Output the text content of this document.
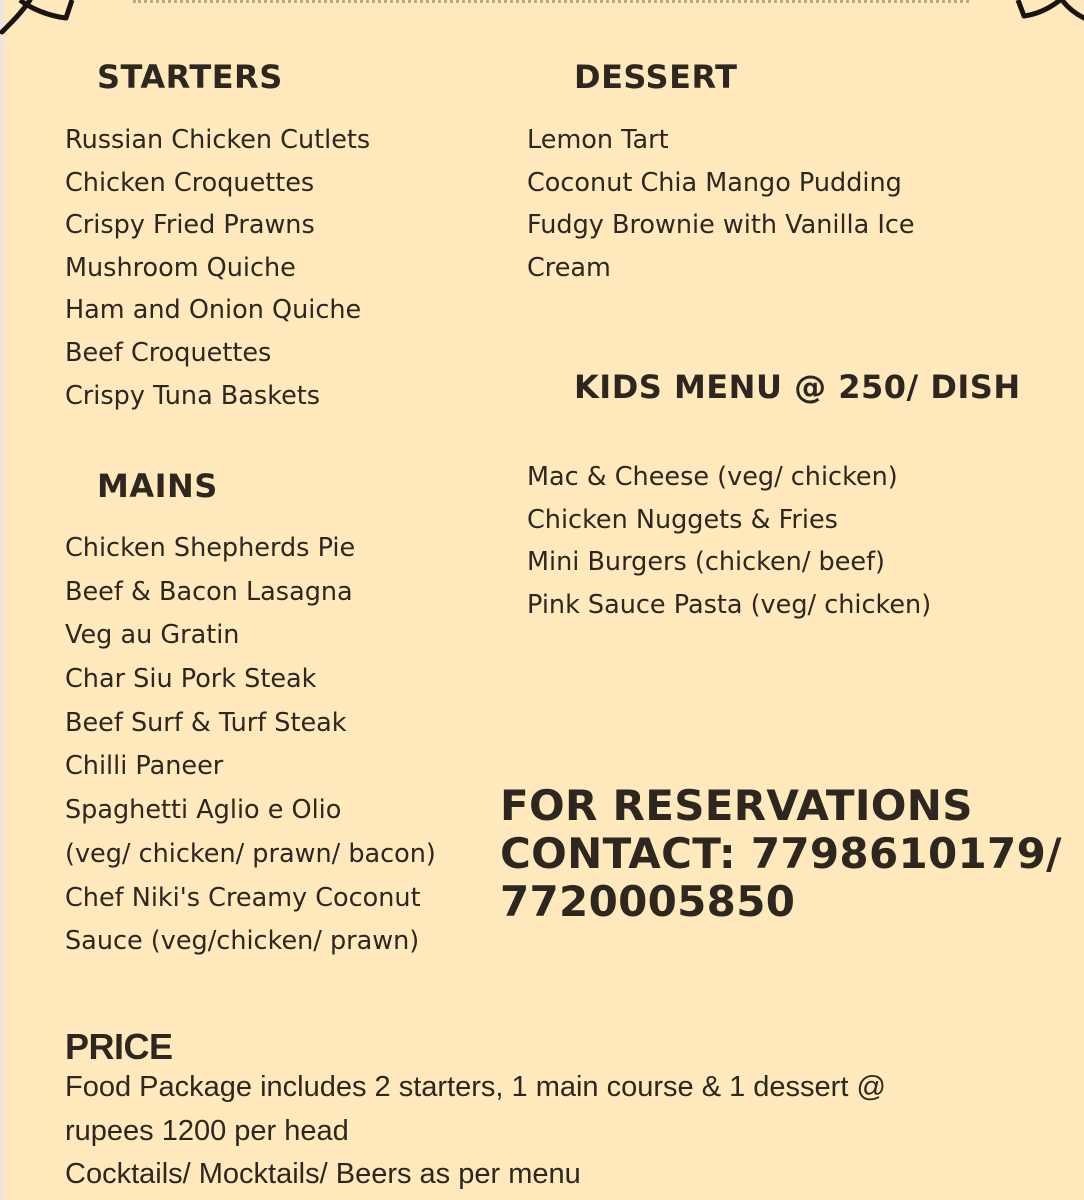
STARTERS
Russian Chicken Cutlets
Chicken Croquettes
Crispy Fried Prawns
Mushroom Quiche
Ham and Onion Quiche
Beef Croquettes
Crispy Tuna Baskets
DESSERT
Lemon Tart
Coconut Chia Mango Pudding
Fudgy Brownie with Vanilla Ice
Cream
KIDS MENU @ 250/ DISH
Mac & Cheese (veg/ chicken)
Chicken Nuggets & Fries
Mini Burgers (chicken/ beef)
Pink Sauce Pasta (veg/ chicken)
MAINS
Chicken Shepherds Pie
Beef & Bacon Lasagna
Veg au Gratin
Char Siu Pork Steak
Beef Surf & Turf Steak
Chilli Paneer
Spaghetti Aglio e Olio
(veg/ chicken/ prawn/ bacon)
Chef Niki's Creamy Coconut
Sauce (veg/chicken/ prawn)
FOR RESERVATIONS
CONTACT: 7798610179/
7720005850
PRICE
Food Package includes 2 starters, 1 main course & 1 dessert @
rupees 1200 per head
Cocktails/ Mocktails/ Beers as per menu
